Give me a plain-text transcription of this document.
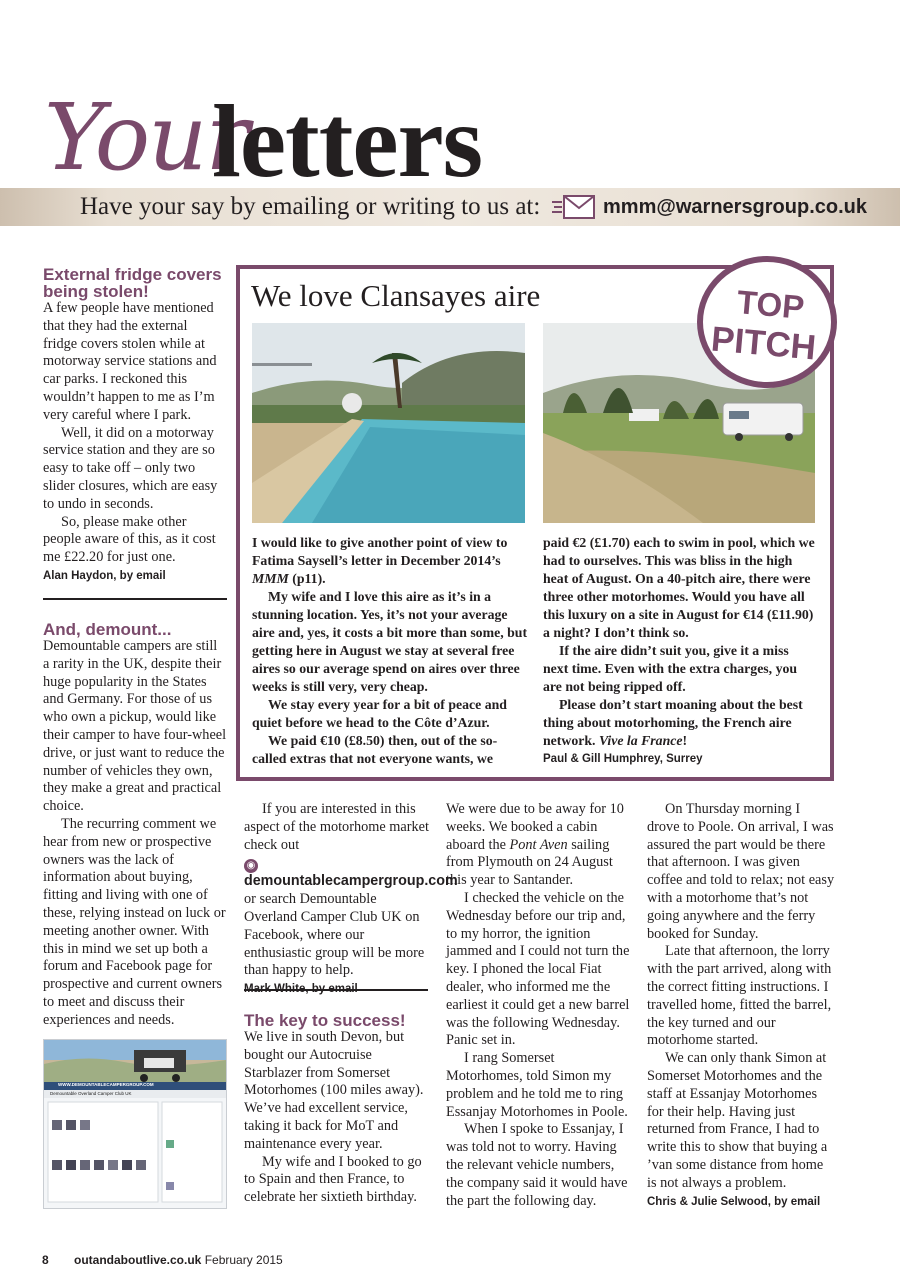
Your
letters
Have your say by emailing or writing to us at:	mmm@warnersgroup.co.uk
External fridge covers
being stolen!

A few people have mentioned that they had the external fridge covers stolen while at motorway service stations and car parks. I reckoned this wouldn’t happen to me as I’m very careful where I park.

Well, it did on a motorway service station and they are so easy to take off – only two slider closures, which are easy to undo in seconds.

So, please make other people aware of this, as it cost me £22.20 for just one.

Alan Haydon, by email
And, demount...

Demountable campers are still a rarity in the UK, despite their huge popularity in the States and Germany. For those of us who own a pickup, would like their camper to have four-wheel drive, or just want to reduce the number of vehicles they own, they make a great and practical choice.

The recurring comment we hear from new or prospective owners was the lack of information about buying, fitting and living with one of these, relying instead on luck or meeting another owner. With this in mind we set up both a forum and Facebook page for prospective and current owners to meet and discuss their experiences and needs.

WWW.DEMOUNTABLECAMPERGROUP.COM
Demountable Overland Camper Club UK

If you are interested in this aspect of the motorhome market check out

◉ demountablecampergroup.com or search Demountable Overland Camper Club UK on Facebook, where our enthusiastic group will be more than happy to help.

We love Clansayes aire	TOP
PITCH

I would like to give another point of view to Fatima Saysell’s letter in December 2014’s MMM (p11).

My wife and I love this aire as it’s in a stunning location. Yes, it’s not your average aire and, yes, it costs a bit more than some, but getting here in August we stay at several free aires so our average spend on aires over three weeks is still very, very cheap.

We stay every year for a bit of peace and quiet before we head to the Côte d’Azur.

We paid €10 (£8.50) then, out of the so-called extras that not everyone wants, we

paid €2 (£1.70) each to swim in pool, which we had to ourselves. This was bliss in the high heat of August. On a 40-pitch aire, there were three other motorhomes. Would you have all this luxury on a site in August for €14 (£11.90) a night? I don’t think so.

If the aire didn’t suit you, give it a miss next time. Even with the extra charges, you are not being ripped off.

Please don’t start moaning about the best thing about motorhoming, the French aire network. Vive la France!

Paul & Gill Humphrey, Surrey
The key to success!

We live in south Devon, but bought our Autocruise Starblazer from Somerset Motorhomes (100 miles away). We’ve had excellent service, taking it back for MoT and maintenance every year.

My wife and I booked to go to Spain and then France, to celebrate her sixtieth birthday.

We were due to be away for 10 weeks. We booked a cabin aboard the Pont Aven sailing from Plymouth on 24 August this year to Santander.

I checked the vehicle on the Wednesday before our trip and, to my horror, the ignition jammed and I could not turn the key. I phoned the local Fiat dealer, who informed me the earliest it could get a new barrel was the following Wednesday. Panic set in.

I rang Somerset Motorhomes, told Simon my problem and he told me to ring Essanjay Motorhomes in Poole.

When I spoke to Essanjay, I was told not to worry. Having the relevant vehicle numbers, the company said it would have the part the following day.

On Thursday morning I drove to Poole. On arrival, I was assured the part would be there that afternoon. I was given coffee and told to relax; not easy with a motorhome that’s not going anywhere and the ferry booked for Sunday.

Late that afternoon, the lorry with the part arrived, along with the correct fitting instructions. I travelled home, fitted the barrel, the key turned and our motorhome started.

We can only thank Simon at Somerset Motorhomes and the staff at Essanjay Motorhomes for their help. Having just returned from France, I had to write this to show that buying a ’van some distance from home is not always a problem.

Chris & Julie Selwood, by email
8 outandaboutlive.co.uk February 2015
